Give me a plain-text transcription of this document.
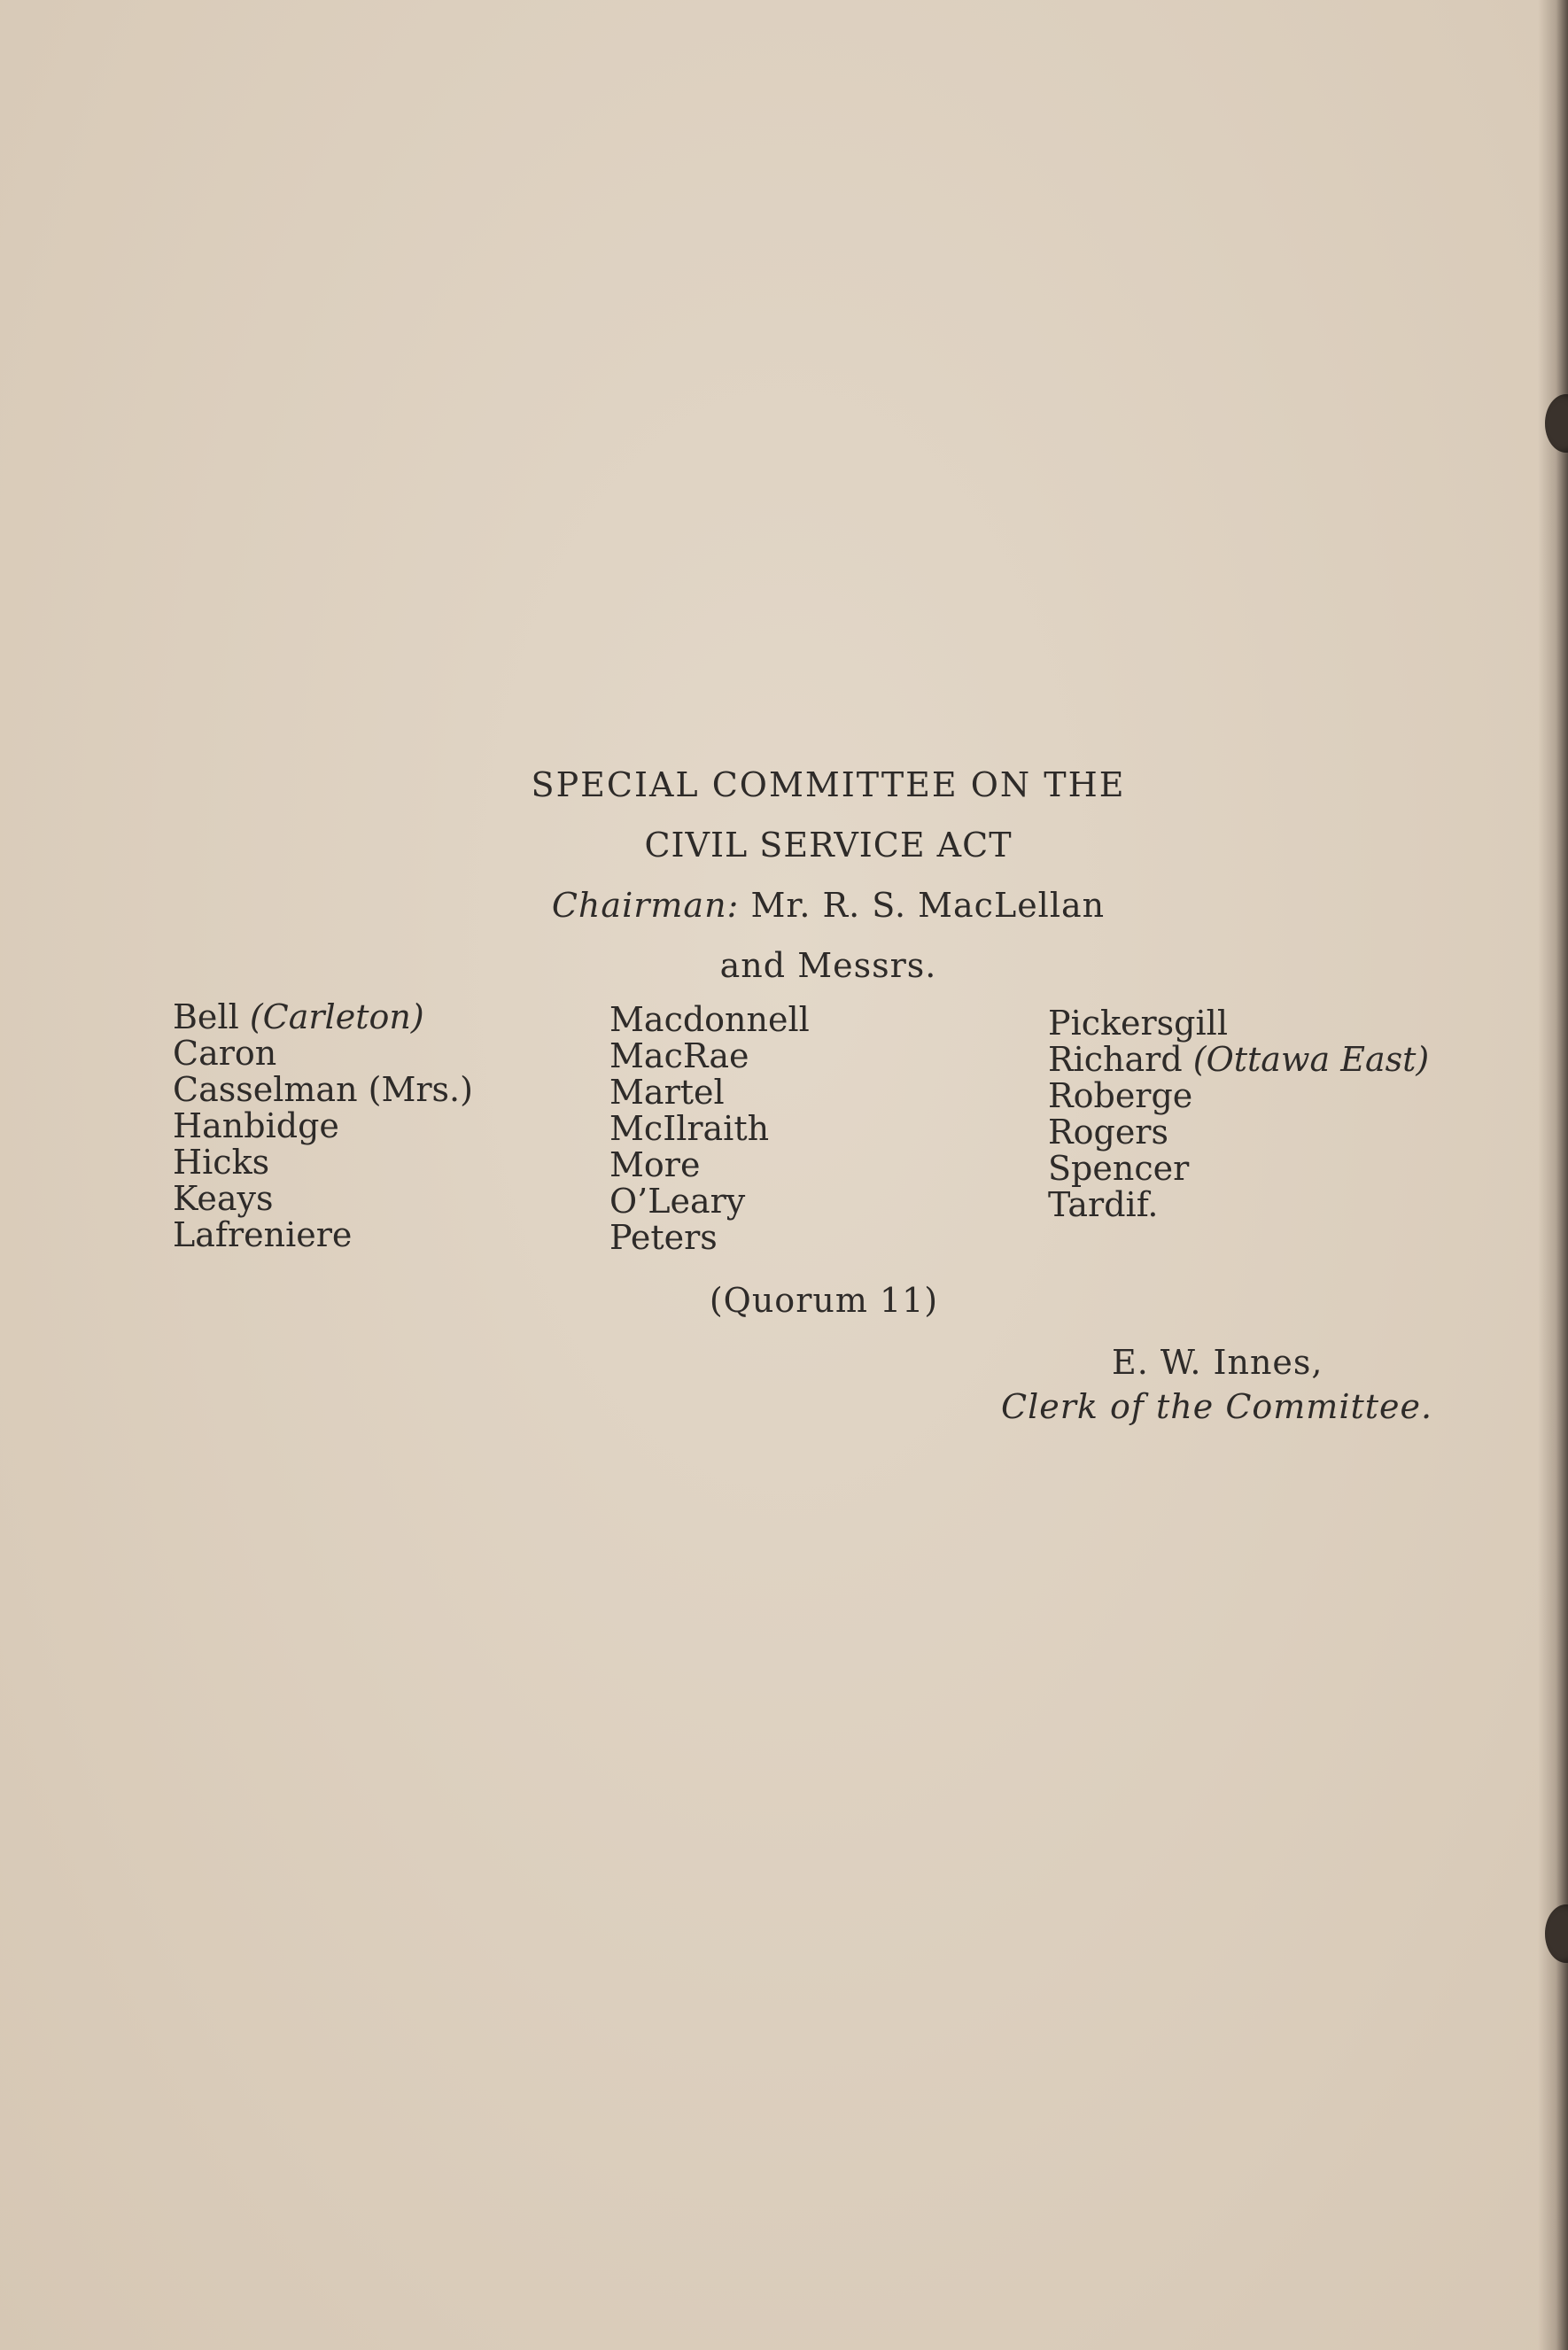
SPECIAL COMMITTEE ON THE
CIVIL SERVICE ACT
Chairman: Mr. R. S. MacLellan
and Messrs.
Bell (Carleton)
Caron
Casselman (Mrs.)
Hanbidge
Hicks
Keays
Lafreniere
Macdonnell
MacRae
Martel
McIlraith
More
O’Leary
Peters
Pickersgill
Richard (Ottawa East)
Roberge
Rogers
Spencer
Tardif.
(Quorum 11)
E. W. Innes,
Clerk of the Committee.
